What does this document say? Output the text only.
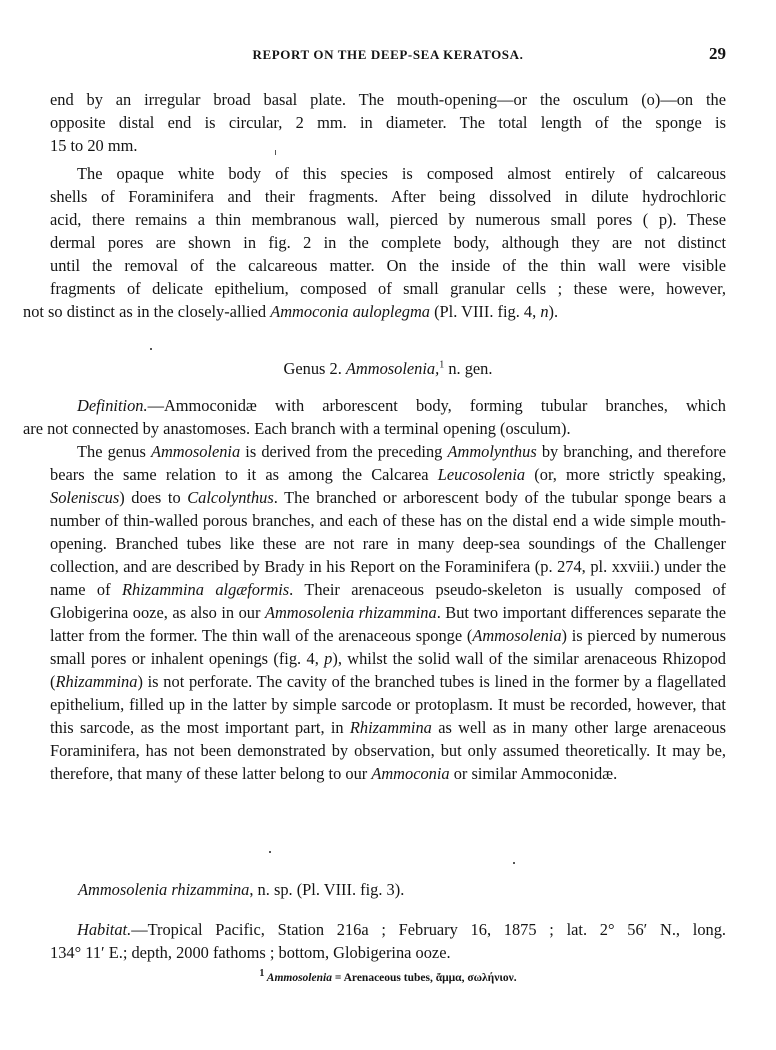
REPORT ON THE DEEP-SEA KERATOSA.	29
end by an irregular broad basal plate. The mouth-opening—or the osculum (o)—on the
opposite distal end is circular, 2 mm. in diameter. The total length of the sponge is
15 to 20 mm.
The opaque white body of this species is composed almost entirely of calcareous
shells of Foraminifera and their fragments. After being dissolved in dilute hydrochloric
acid, there remains a thin membranous wall, pierced by numerous small pores ( p). These
dermal pores are shown in fig. 2 in the complete body, although they are not distinct
until the removal of the calcareous matter. On the inside of the thin wall were visible
fragments of delicate epithelium, composed of small granular cells ; these were, however,
not so distinct as in the closely-allied Ammoconia auloplegma (Pl. VIII. fig. 4, n).
Genus 2. Ammosolenia,$^1$ n. gen.
Definition.—Ammoconidæ with arborescent body, forming tubular branches, which
are not connected by anastomoses. Each branch with a terminal opening (osculum).
The genus Ammosolenia is derived from the preceding Ammolynthus by branching, and therefore bears the same relation to it as among the Calcarea Leucosolenia (or, more strictly speaking, Soleniscus) does to Calcolynthus. The branched or arborescent body of the tubular sponge bears a number of thin-walled porous branches, and each of these has on the distal end a wide simple mouth-opening. Branched tubes like these are not rare in many deep-sea soundings of the Challenger collection, and are described by Brady in his Report on the Foraminifera (p. 274, pl. xxviii.) under the name of Rhizammina algæformis. Their arenaceous pseudo-skeleton is usually composed of Globigerina ooze, as also in our Ammosolenia rhizammina. But two important differences separate the latter from the former. The thin wall of the arenaceous sponge (Ammosolenia) is pierced by numerous small pores or inhalent openings (fig. 4, p), whilst the solid wall of the similar arenaceous Rhizopod (Rhizammina) is not perforate. The cavity of the branched tubes is lined in the former by a flagellated epithelium, filled up in the latter by simple sarcode or protoplasm. It must be recorded, however, that this sarcode, as the most important part, in Rhizammina as well as in many other large arenaceous Foraminifera, has not been demonstrated by observation, but only assumed theoretically. It may be, therefore, that many of these latter belong to our Ammoconia or similar Ammoconidæ.
Ammosolenia rhizammina, n. sp. (Pl. VIII. fig. 3).
Habitat.—Tropical Pacific, Station 216a ; February 16, 1875 ; lat. 2° 56′ N., long.
134° 11′ E.; depth, 2000 fathoms ; bottom, Globigerina ooze.
$^1$ Ammosolenia = Arenaceous tubes, ἄμμα, σωλήνιον.
